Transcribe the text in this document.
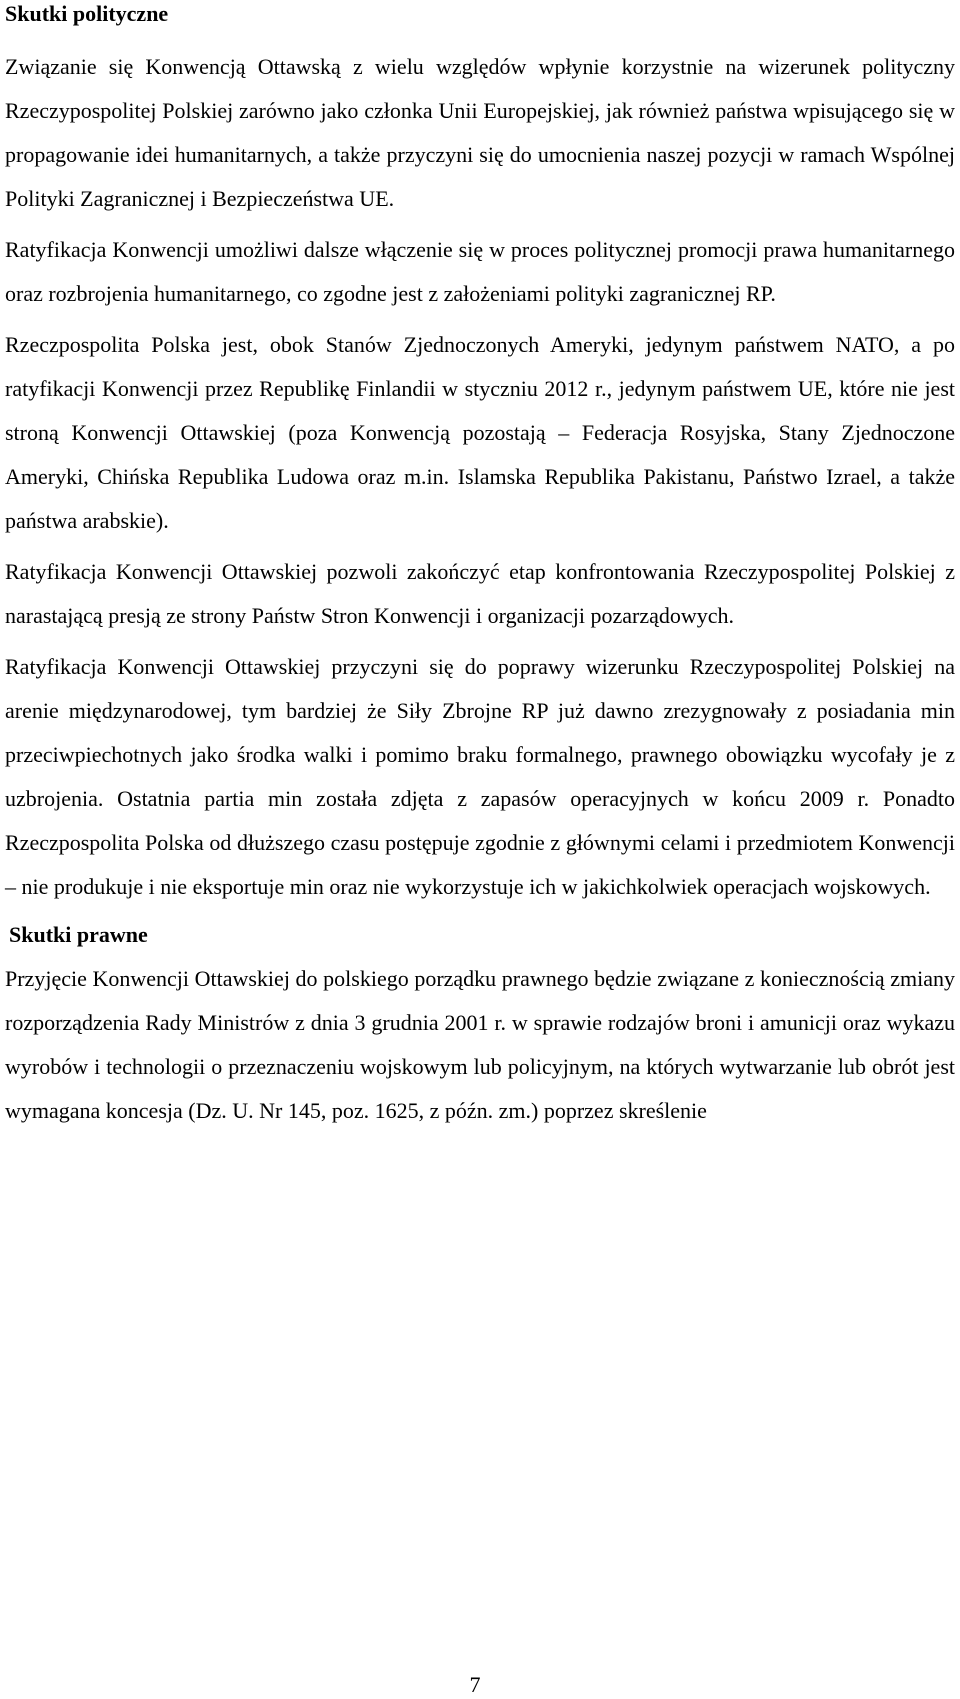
Skutki polityczne

Związanie się Konwencją Ottawską z wielu względów wpłynie korzystnie na wizerunek polityczny Rzeczypospolitej Polskiej zarówno jako członka Unii Europejskiej, jak również państwa wpisującego się w propagowanie idei humanitarnych, a także przyczyni się do umocnienia naszej pozycji w ramach Wspólnej Polityki Zagranicznej i Bezpieczeństwa UE.

Ratyfikacja Konwencji umożliwi dalsze włączenie się w proces politycznej promocji prawa humanitarnego oraz rozbrojenia humanitarnego, co zgodne jest z założeniami polityki zagranicznej RP.

Rzeczpospolita Polska jest, obok Stanów Zjednoczonych Ameryki, jedynym państwem NATO, a po ratyfikacji Konwencji przez Republikę Finlandii w styczniu 2012 r., jedynym państwem UE, które nie jest stroną Konwencji Ottawskiej (poza Konwencją pozostają – Federacja Rosyjska, Stany Zjednoczone Ameryki, Chińska Republika Ludowa oraz m.in. Islamska Republika Pakistanu, Państwo Izrael, a także państwa arabskie).

Ratyfikacja Konwencji Ottawskiej pozwoli zakończyć etap konfrontowania Rzeczypospolitej Polskiej z narastającą presją ze strony Państw Stron Konwencji i organizacji pozarządowych.

Ratyfikacja Konwencji Ottawskiej przyczyni się do poprawy wizerunku Rzeczypospolitej Polskiej na arenie międzynarodowej, tym bardziej że Siły Zbrojne RP już dawno zrezygnowały z posiadania min przeciwpiechotnych jako środka walki i pomimo braku formalnego, prawnego obowiązku wycofały je z uzbrojenia. Ostatnia partia min została zdjęta z zapasów operacyjnych w końcu 2009 r. Ponadto Rzeczpospolita Polska od dłuższego czasu postępuje zgodnie z głównymi celami i przedmiotem Konwencji – nie produkuje i nie eksportuje min oraz nie wykorzystuje ich w jakichkolwiek operacjach wojskowych.

Skutki prawne

Przyjęcie Konwencji Ottawskiej do polskiego porządku prawnego będzie związane z koniecznością zmiany rozporządzenia Rady Ministrów z dnia 3 grudnia 2001 r. w sprawie rodzajów broni i amunicji oraz wykazu wyrobów i technologii o przeznaczeniu wojskowym lub policyjnym, na których wytwarzanie lub obrót jest wymagana koncesja (Dz. U. Nr 145, poz. 1625, z późn. zm.) poprzez skreślenie

7
